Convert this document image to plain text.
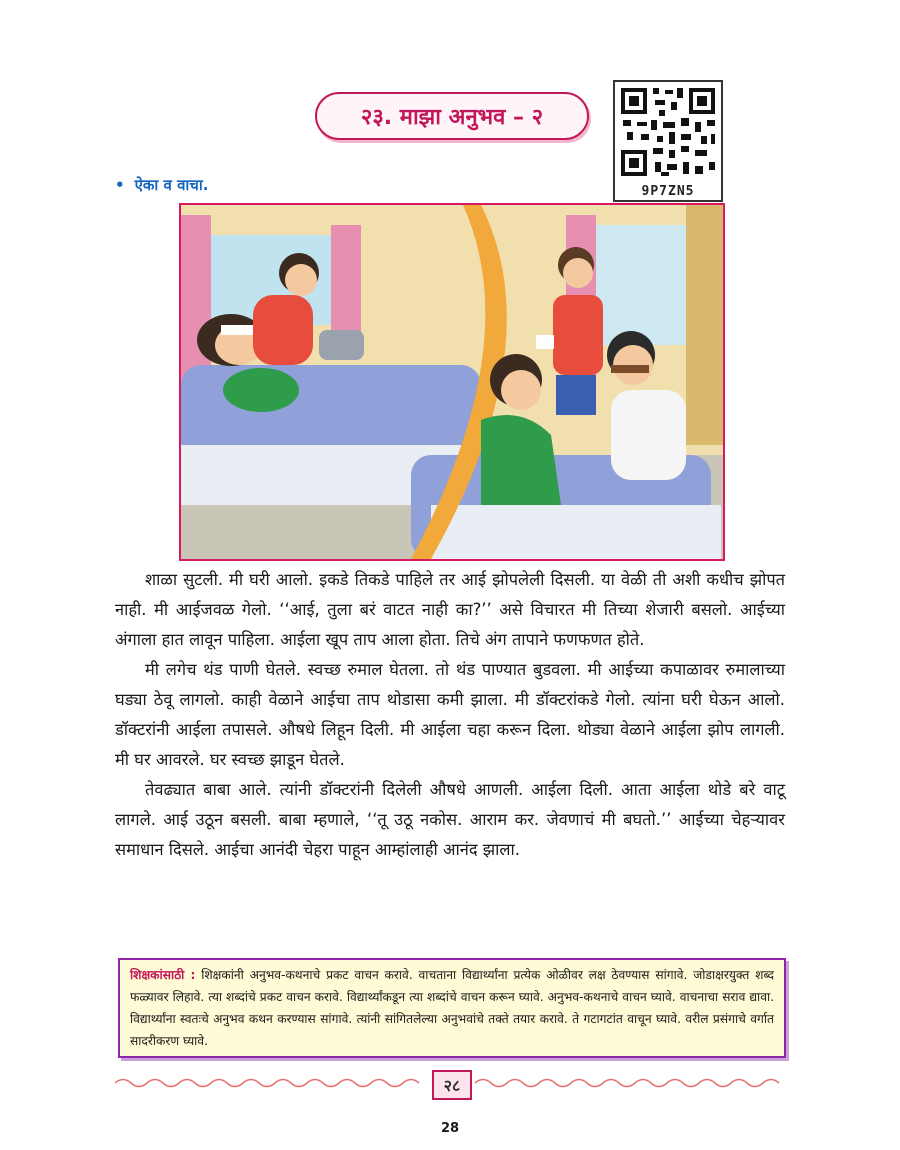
२३. माझा अनुभव – २
9P7ZN5
• ऐका व वाचा.

शाळा सुटली. मी घरी आलो. इकडे तिकडे पाहिले तर आई झोपलेली दिसली. या वेळी ती अशी कधीच झोपत नाही. मी आईजवळ गेलो. ‘‘आई, तुला बरं वाटत नाही का?’’ असे विचारत मी तिच्या शेजारी बसलो. आईच्या अंगाला हात लावून पाहिला. आईला खूप ताप आला होता. तिचे अंग तापाने फणफणत होते.

मी लगेच थंड पाणी घेतले. स्वच्छ रुमाल घेतला. तो थंड पाण्यात बुडवला. मी आईच्या कपाळावर रुमालाच्या घड्या ठेवू लागलो. काही वेळाने आईचा ताप थोडासा कमी झाला. मी डॉक्टरांकडे गेलो. त्यांना घरी घेऊन आलो. डॉक्टरांनी आईला तपासले. औषधे लिहून दिली. मी आईला चहा करून दिला. थोड्या वेळाने आईला झोप लागली. मी घर आवरले. घर स्वच्छ झाडून घेतले.

तेवढ्यात बाबा आले. त्यांनी डॉक्टरांनी दिलेली औषधे आणली. आईला दिली. आता आईला थोडे बरे वाटू लागले. आई उठून बसली. बाबा म्हणाले, ‘‘तू उठू नकोस. आराम कर. जेवणाचं मी बघतो.’’ आईच्या चेहऱ्यावर समाधान दिसले. आईचा आनंदी चेहरा पाहून आम्हांलाही आनंद झाला.

शिक्षकांसाठी : शिक्षकांनी अनुभव-कथनाचे प्रकट वाचन करावे. वाचताना विद्यार्थ्यांना प्रत्येक ओळीवर लक्ष ठेवण्यास सांगावे. जोडाक्षरयुक्त शब्द फळ्यावर लिहावे. त्या शब्दांचे प्रकट वाचन करावे. विद्यार्थ्यांकडून त्या शब्दांचे वाचन करून घ्यावे. अनुभव-कथनाचे वाचन घ्यावे. वाचनाचा सराव द्यावा. विद्यार्थ्यांना स्वतःचे अनुभव कथन करण्यास सांगावे. त्यांनी सांगितलेल्या अनुभवांचे तक्ते तयार करावे. ते गटागटांत वाचून घ्यावे. वरील प्रसंगाचे वर्गात सादरीकरण घ्यावे.
२८
28
